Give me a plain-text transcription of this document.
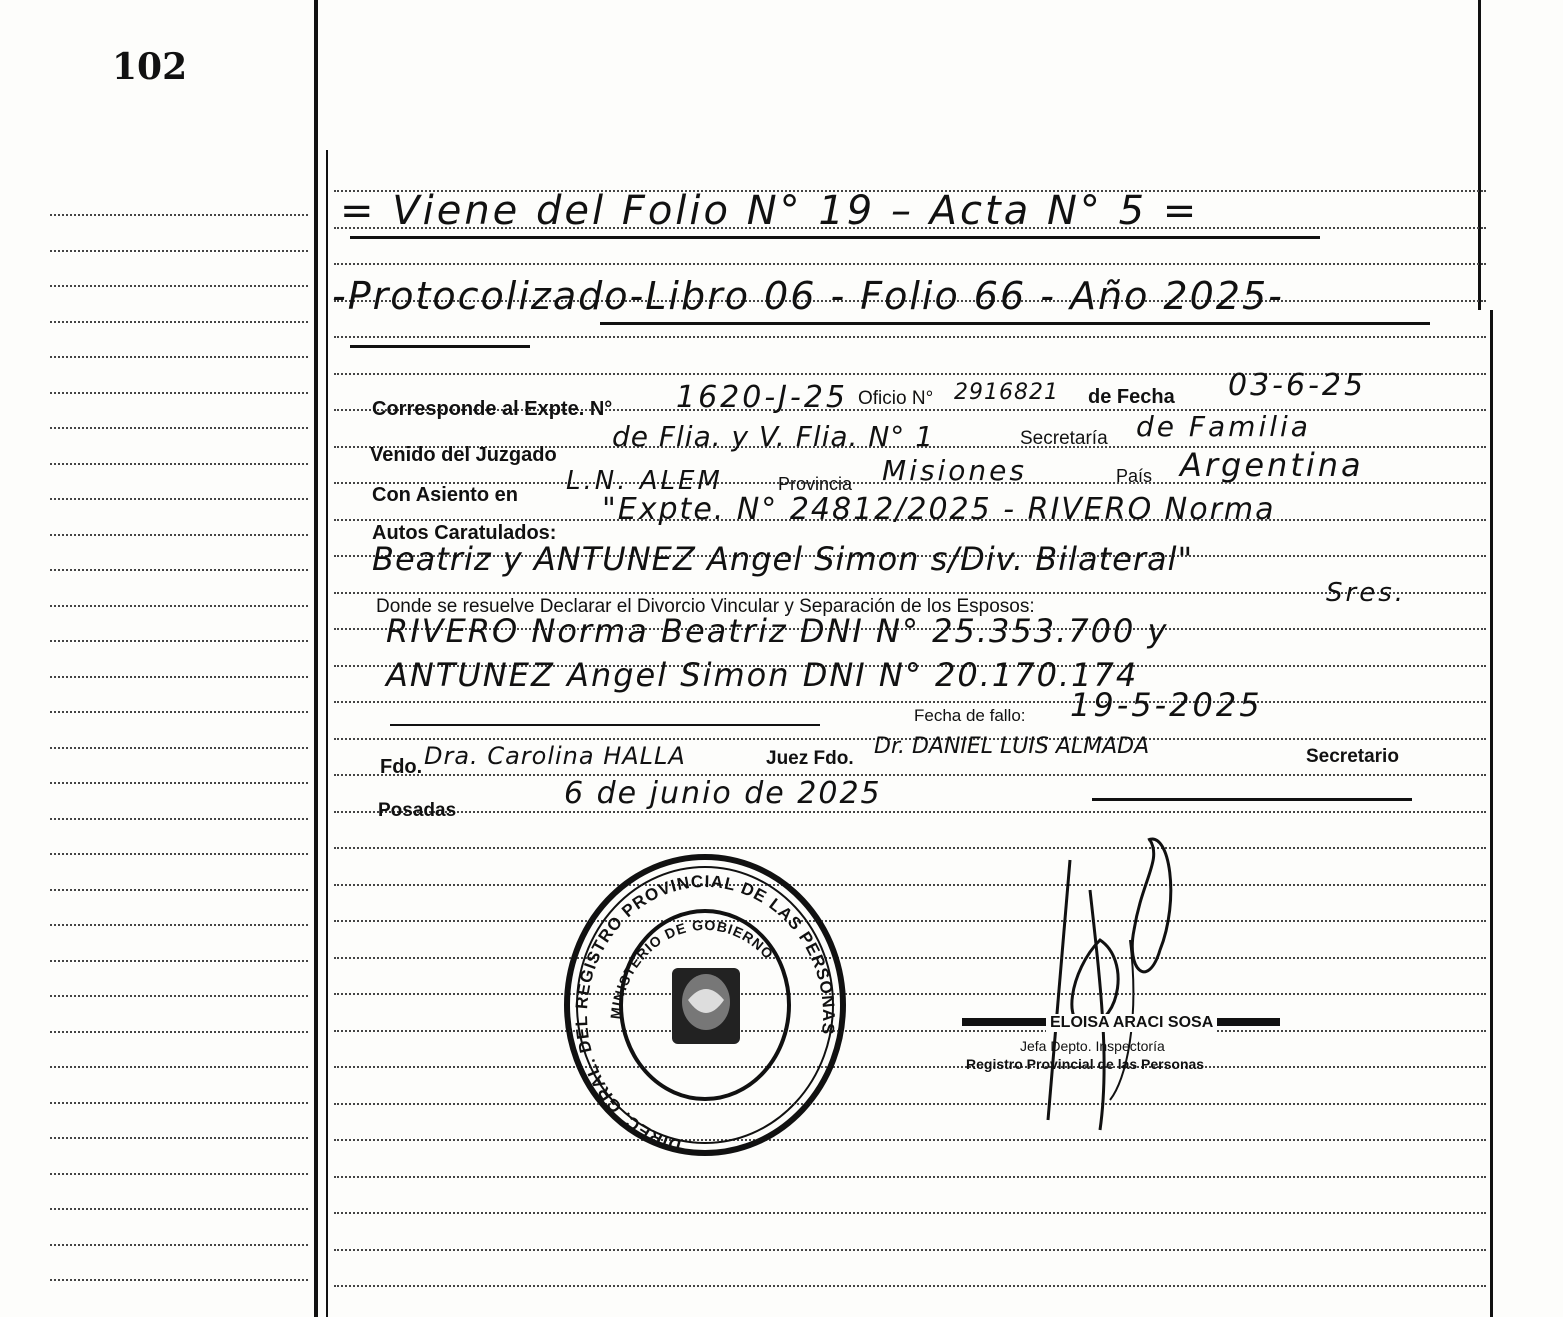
102
= Viene del Folio N° 19 – Acta N° 5 =
-Protocolizado-Libro 06 - Folio 66 - Año 2025-
Corresponde al Expte. N° 1620-J-25 Oficio N° 2916821 de Fecha 03-6-25
Venido del Juzgado
de Flia. y V. Flia. N° 1	Secretaría de Familia
Con Asiento en L.N. ALEM	Provincia Misiones	País Argentina
Autos Caratulados:
"Expte. N° 24812/2025 - RIVERO Norma
Beatriz y ANTUNEZ Angel Simon s/Div. Bilateral"
Donde se resuelve Declarar el Divorcio Vincular y Separación de los Esposos:	Sres.
RIVERO Norma Beatriz DNI N° 25.353.700 y
ANTUNEZ Angel Simon DNI N° 20.170.174
Fecha de fallo: 19-5-2025
Fdo. Dra. Carolina HALLA	Juez Fdo. Dr. DANIEL LUIS ALMADA	Secretario
Posadas	6 de junio de 2025
DIREC. GRAL. DEL REGISTRO PROVINCIAL DE LAS PERSONAS
MINISTERIO DE GOBIERNO
ELOISA ARACI SOSA
Jefa Depto. Inspectoría
Registro Provincial de las Personas
